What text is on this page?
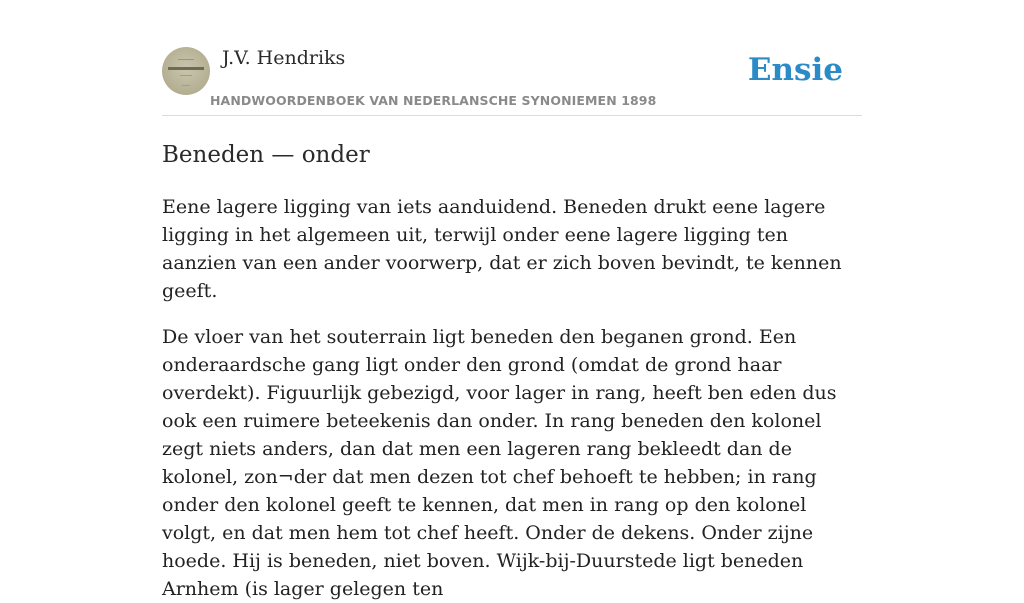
J.V. Hendriks
HANDWOORDENBOEK VAN NEDERLANSCHE SYNONIEMEN 1898
Ensie
Beneden — onder

Eene lagere ligging van iets aanduidend. Beneden drukt eene lagere ligging in het algemeen uit, terwijl onder eene lagere ligging ten aanzien van een ander voorwerp, dat er zich boven bevindt, te kennen geeft.

De vloer van het souterrain ligt beneden den beganen grond. Een onderaardsche gang ligt onder den grond (omdat de grond haar overdekt). Figuurlijk gebezigd, voor lager in rang, heeft ben eden dus ook een ruimere beteekenis dan onder. In rang beneden den kolonel zegt niets anders, dan dat men een lageren rang bekleedt dan de kolonel, zon¬der dat men dezen tot chef behoeft te hebben; in rang onder den kolonel geeft te kennen, dat men in rang op den kolonel volgt, en dat men hem tot chef heeft. Onder de dekens. Onder zijne hoede. Hij is beneden, niet boven. Wijk-bij-Duurstede ligt beneden Arnhem (is lager gelegen ten
